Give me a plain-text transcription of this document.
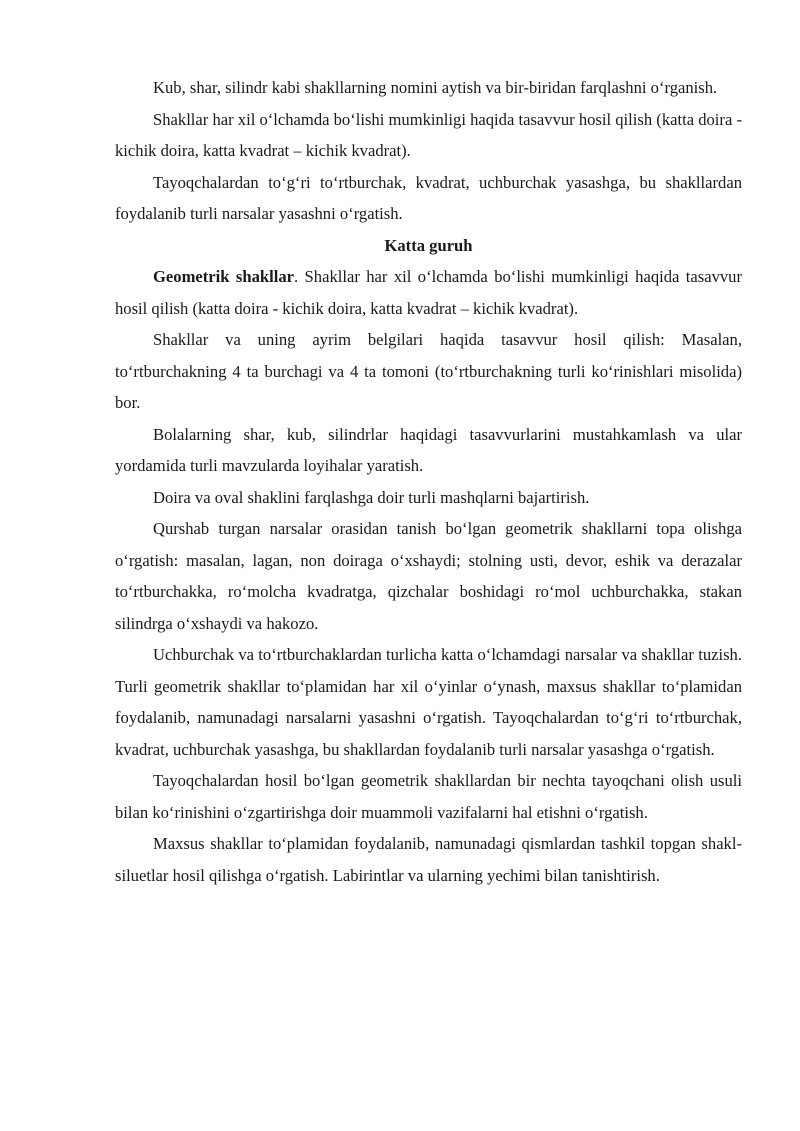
Kub, shar, silindr kabi shakllarning nomini aytish va bir-biridan farqlashni o‘rganish.

Shakllar har xil o‘lchamda bo‘lishi mumkinligi haqida tasavvur hosil qilish (katta doira - kichik doira, katta kvadrat – kichik kvadrat).

Tayoqchalardan to‘g‘ri to‘rtburchak, kvadrat, uchburchak yasashga, bu shakllardan foydalanib turli narsalar yasashni o‘rgatish.

Katta guruh

Geometrik shakllar. Shakllar har xil o‘lchamda bo‘lishi mumkinligi haqida tasavvur hosil qilish (katta doira - kichik doira, katta kvadrat – kichik kvadrat).

Shakllar va uning ayrim belgilari haqida tasavvur hosil qilish: Masalan, to‘rtburchakning 4 ta burchagi va 4 ta tomoni (to‘rtburchakning turli ko‘rinishlari misolida) bor.

Bolalarning shar, kub, silindrlar haqidagi tasavvurlarini mustahkamlash va ular yordamida turli mavzularda loyihalar yaratish.

Doira va oval shaklini farqlashga doir turli mashqlarni bajartirish.

Qurshab turgan narsalar orasidan tanish bo‘lgan geometrik shakllarni topa olishga o‘rgatish: masalan, lagan, non doiraga o‘xshaydi; stolning usti, devor, eshik va derazalar to‘rtburchakka, ro‘molcha kvadratga, qizchalar boshidagi ro‘mol uchburchakka, stakan silindrga o‘xshaydi va hakozo.

Uchburchak va to‘rtburchaklardan turlicha katta o‘lchamdagi narsalar va shakllar tuzish. Turli geometrik shakllar to‘plamidan har xil o‘yinlar o‘ynash, maxsus shakllar to‘plamidan foydalanib, namunadagi narsalarni yasashni o‘rgatish. Tayoqchalardan to‘g‘ri to‘rtburchak, kvadrat, uchburchak yasashga, bu shakllardan foydalanib turli narsalar yasashga o‘rgatish.

Tayoqchalardan hosil bo‘lgan geometrik shakllardan bir nechta tayoqchani olish usuli bilan ko‘rinishini o‘zgartirishga doir muammoli vazifalarni hal etishni o‘rgatish.

Maxsus shakllar to‘plamidan foydalanib, namunadagi qismlardan tashkil topgan shakl-siluetlar hosil qilishga o‘rgatish. Labirintlar va ularning yechimi bilan tanishtirish.
